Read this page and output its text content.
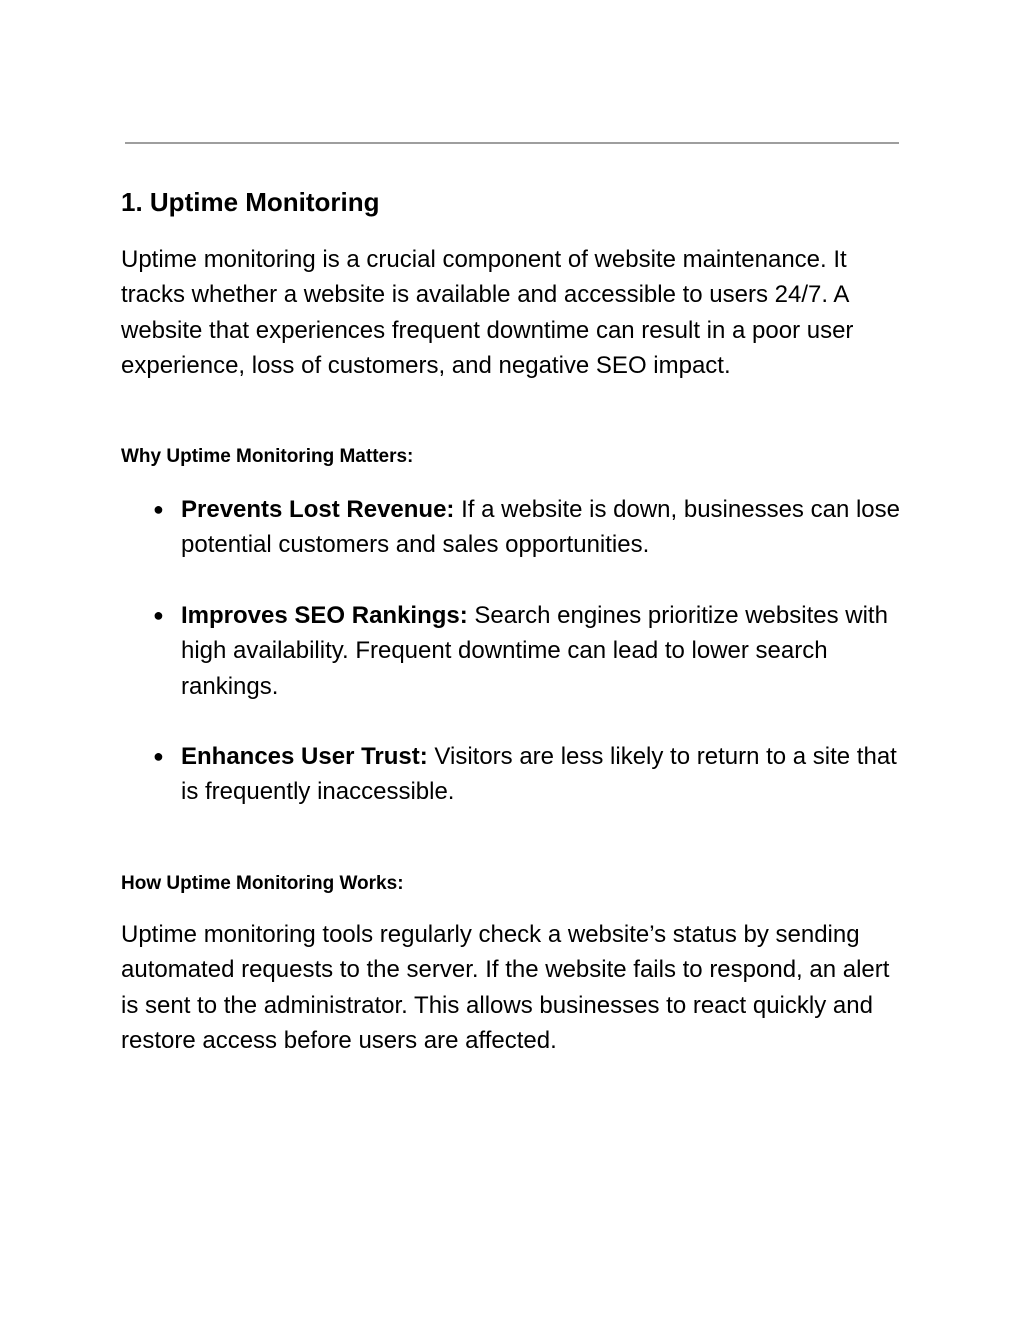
1. Uptime Monitoring

Uptime monitoring is a crucial component of website maintenance. It tracks whether a website is available and accessible to users 24/7. A website that experiences frequent downtime can result in a poor user experience, loss of customers, and negative SEO impact.

Why Uptime Monitoring Matters:
● Prevents Lost Revenue: If a website is down, businesses can lose potential customers and sales opportunities.

● Improves SEO Rankings: Search engines prioritize websites with high availability. Frequent downtime can lead to lower search rankings.

● Enhances User Trust: Visitors are less likely to return to a site that is frequently inaccessible.

How Uptime Monitoring Works:

Uptime monitoring tools regularly check a website’s status by sending automated requests to the server. If the website fails to respond, an alert is sent to the administrator. This allows businesses to react quickly and restore access before users are affected.
